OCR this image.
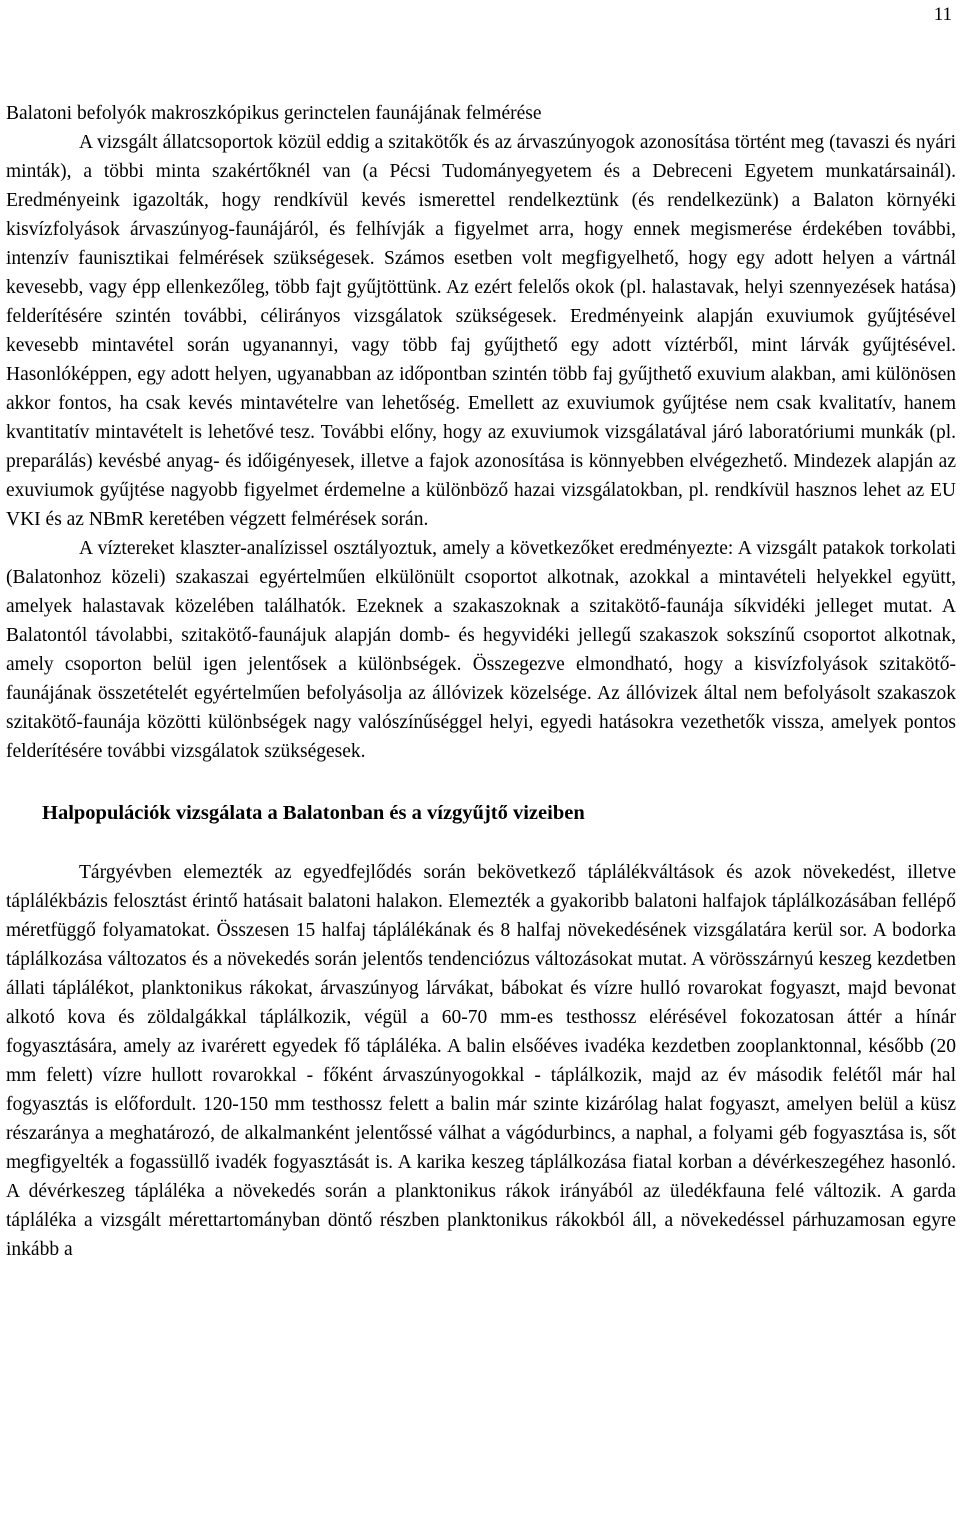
11
Balatoni befolyók makroszkópikus gerinctelen faunájának felmérése

A vizsgált állatcsoportok közül eddig a szitakötők és az árvaszúnyogok azonosítása történt meg (tavaszi és nyári minták), a többi minta szakértőknél van (a Pécsi Tudományegyetem és a Debreceni Egyetem munkatársainál). Eredményeink igazolták, hogy rendkívül kevés ismerettel rendelkeztünk (és rendelkezünk) a Balaton környéki kisvízfolyások árvaszúnyog-faunájáról, és felhívják a figyelmet arra, hogy ennek megismerése érdekében további, intenzív faunisztikai felmérések szükségesek. Számos esetben volt megfigyelhető, hogy egy adott helyen a vártnál kevesebb, vagy épp ellenkezőleg, több fajt gyűjtöttünk. Az ezért felelős okok (pl. halastavak, helyi szennyezések hatása) felderítésére szintén további, célirányos vizsgálatok szükségesek. Eredményeink alapján exuviumok gyűjtésével kevesebb mintavétel során ugyanannyi, vagy több faj gyűjthető egy adott víztérből, mint lárvák gyűjtésével. Hasonlóképpen, egy adott helyen, ugyanabban az időpontban szintén több faj gyűjthető exuvium alakban, ami különösen akkor fontos, ha csak kevés mintavételre van lehetőség. Emellett az exuviumok gyűjtése nem csak kvalitatív, hanem kvantitatív mintavételt is lehetővé tesz. További előny, hogy az exuviumok vizsgálatával járó laboratóriumi munkák (pl. preparálás) kevésbé anyag- és időigényesek, illetve a fajok azonosítása is könnyebben elvégezhető. Mindezek alapján az exuviumok gyűjtése nagyobb figyelmet érdemelne a különböző hazai vizsgálatokban, pl. rendkívül hasznos lehet az EU VKI és az NBmR keretében végzett felmérések során.

A víztereket klaszter-analízissel osztályoztuk, amely a következőket eredményezte: A vizsgált patakok torkolati (Balatonhoz közeli) szakaszai egyértelműen elkülönült csoportot alkotnak, azokkal a mintavételi helyekkel együtt, amelyek halastavak közelében találhatók. Ezeknek a szakaszoknak a szitakötő-faunája síkvidéki jelleget mutat. A Balatontól távolabbi, szitakötő-faunájuk alapján domb- és hegyvidéki jellegű szakaszok sokszínű csoportot alkotnak, amely csoporton belül igen jelentősek a különbségek. Összegezve elmondható, hogy a kisvízfolyások szitakötő-faunájának összetételét egyértelműen befolyásolja az állóvizek közelsége. Az állóvizek által nem befolyásolt szakaszok szitakötő-faunája közötti különbségek nagy valószínűséggel helyi, egyedi hatásokra vezethetők vissza, amelyek pontos felderítésére további vizsgálatok szükségesek.

Halpopulációk vizsgálata a Balatonban és a vízgyűjtő vizeiben

Tárgyévben elemezték az egyedfejlődés során bekövetkező táplálékváltások és azok növekedést, illetve táplálékbázis felosztást érintő hatásait balatoni halakon. Elemezték a gyakoribb balatoni halfajok táplálkozásában fellépő méretfüggő folyamatokat. Összesen 15 halfaj táplálékának és 8 halfaj növekedésének vizsgálatára kerül sor. A bodorka táplálkozása változatos és a növekedés során jelentős tendenciózus változásokat mutat. A vörösszárnyú keszeg kezdetben állati táplálékot, planktonikus rákokat, árvaszúnyog lárvákat, bábokat és vízre hulló rovarokat fogyaszt, majd bevonat alkotó kova és zöldalgákkal táplálkozik, végül a 60-70 mm-es testhossz elérésével fokozatosan áttér a hínár fogyasztására, amely az ivarérett egyedek fő tápláléka. A balin elsőéves ivadéka kezdetben zooplanktonnal, később (20 mm felett) vízre hullott rovarokkal - főként árvaszúnyogokkal - táplálkozik, majd az év második felétől már hal fogyasztás is előfordult. 120-150 mm testhossz felett a balin már szinte kizárólag halat fogyaszt, amelyen belül a küsz részaránya a meghatározó, de alkalmanként jelentőssé válhat a vágódurbincs, a naphal, a folyami géb fogyasztása is, sőt megfigyelték a fogassüllő ivadék fogyasztását is. A karika keszeg táplálkozása fiatal korban a dévérkeszegéhez hasonló. A dévérkeszeg tápláléka a növekedés során a planktonikus rákok irányából az üledékfauna felé változik. A garda tápláléka a vizsgált mérettartományban döntő részben planktonikus rákokból áll, a növekedéssel párhuzamosan egyre inkább a
